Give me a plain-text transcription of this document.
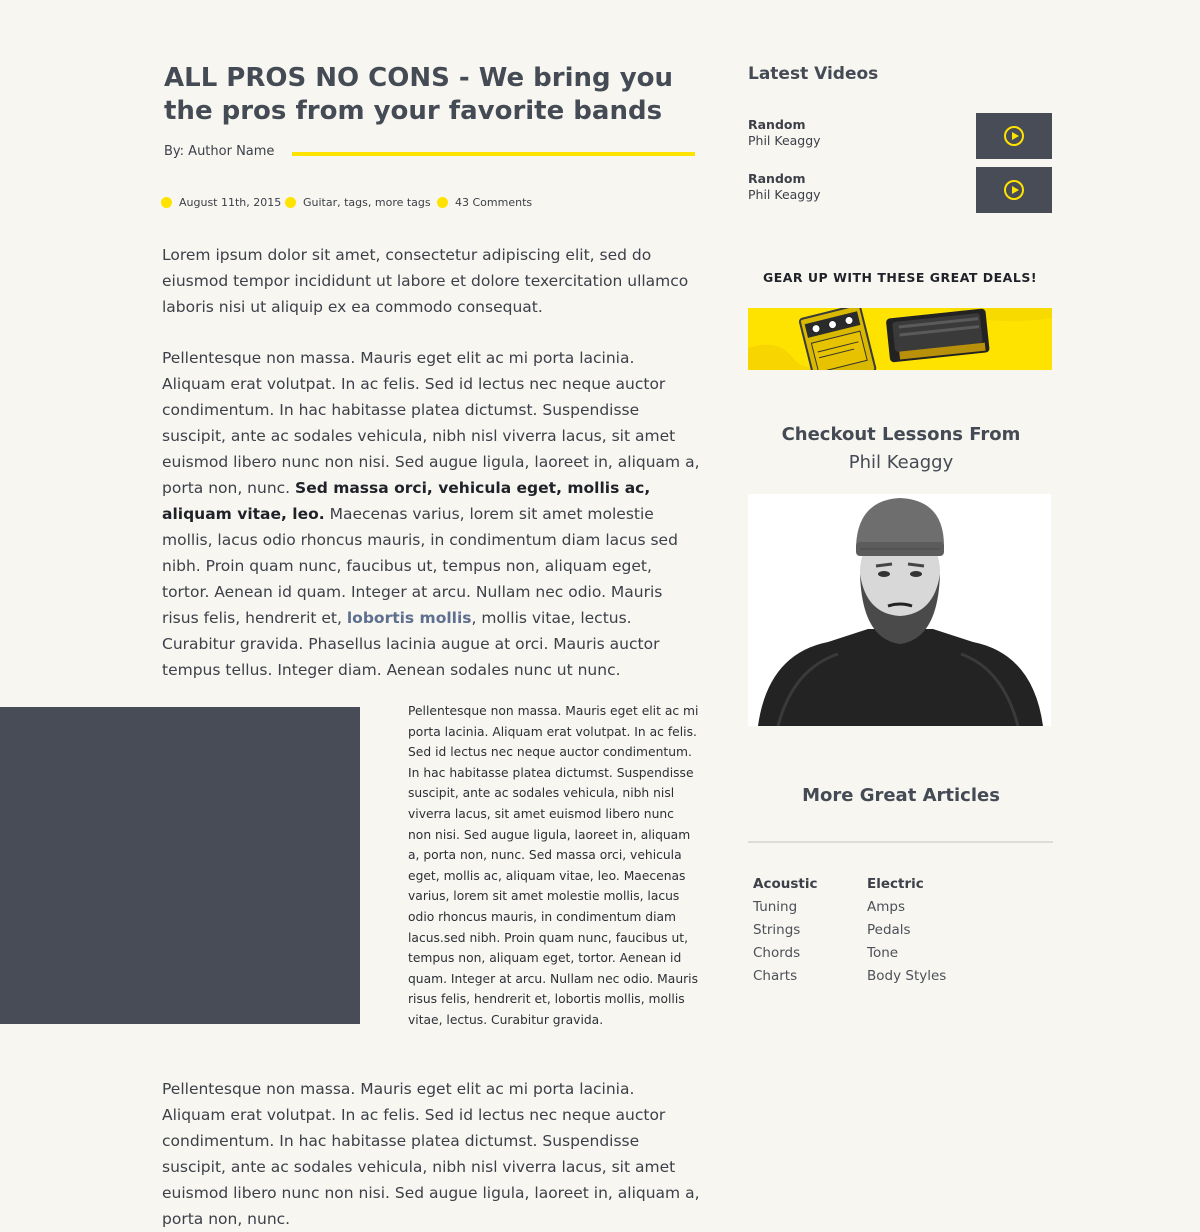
ALL PROS NO CONS - We bring you the pros from your favorite bands
By: Author Name
August 11th, 2015 Guitar, tags, more tags 43 Comments

Lorem ipsum dolor sit amet, consectetur adipiscing elit, sed do eiusmod tempor incididunt ut labore et dolore texercitation ullamco laboris nisi ut aliquip ex ea commodo consequat.

Pellentesque non massa. Mauris eget elit ac mi porta lacinia. Aliquam erat volutpat. In ac felis. Sed id lectus nec neque auctor condimentum. In hac habitasse platea dictumst. Suspendisse suscipit, ante ac sodales vehicula, nibh nisl viverra lacus, sit amet euismod libero nunc non nisi. Sed augue ligula, laoreet in, aliquam a, porta non, nunc. Sed massa orci, vehicula eget, mollis ac, aliquam vitae, leo. Maecenas varius, lorem sit amet molestie mollis, lacus odio rhoncus mauris, in condimentum diam lacus sed nibh. Proin quam nunc, faucibus ut, tempus non, aliquam eget, tortor. Aenean id quam. Integer at arcu. Nullam nec odio. Mauris risus felis, hendrerit et, lobortis mollis, mollis vitae, lectus. Curabitur gravida. Phasellus lacinia augue at orci. Mauris auctor tempus tellus. Integer diam. Aenean sodales nunc ut nunc.

Pellentesque non massa. Mauris eget elit ac mi porta lacinia. Aliquam erat volutpat. In ac felis. Sed id lectus nec neque auctor condimentum. In hac habitasse platea dictumst. Suspendisse suscipit, ante ac sodales vehicula, nibh nisl viverra lacus, sit amet euismod libero nunc non nisi. Sed augue ligula, laoreet in, aliquam a, porta non, nunc. Sed massa orci, vehicula eget, mollis ac, aliquam vitae, leo. Maecenas varius, lorem sit amet molestie mollis, lacus odio rhoncus mauris, in condimentum diam lacus.sed nibh. Proin quam nunc, faucibus ut, tempus non, aliquam eget, tortor. Aenean id quam. Integer at arcu. Nullam nec odio. Mauris risus felis, hendrerit et, lobortis mollis, mollis vitae, lectus. Curabitur gravida.

Pellentesque non massa. Mauris eget elit ac mi porta lacinia. Aliquam erat volutpat. In ac felis. Sed id lectus nec neque auctor condimentum. In hac habitasse platea dictumst. Suspendisse suscipit, ante ac sodales vehicula, nibh nisl viverra lacus, sit amet euismod libero nunc non nisi. Sed augue ligula, laoreet in, aliquam a, porta non, nunc.

Latest Videos
Random
Phil Keaggy
Random
Phil Keaggy
GEAR UP WITH THESE GREAT DEALS!
Checkout Lessons From
Phil Keaggy
More Great Articles
Acoustic
Tuning
Strings
Chords
Charts
Electric
Amps
Pedals
Tone
Body Styles
